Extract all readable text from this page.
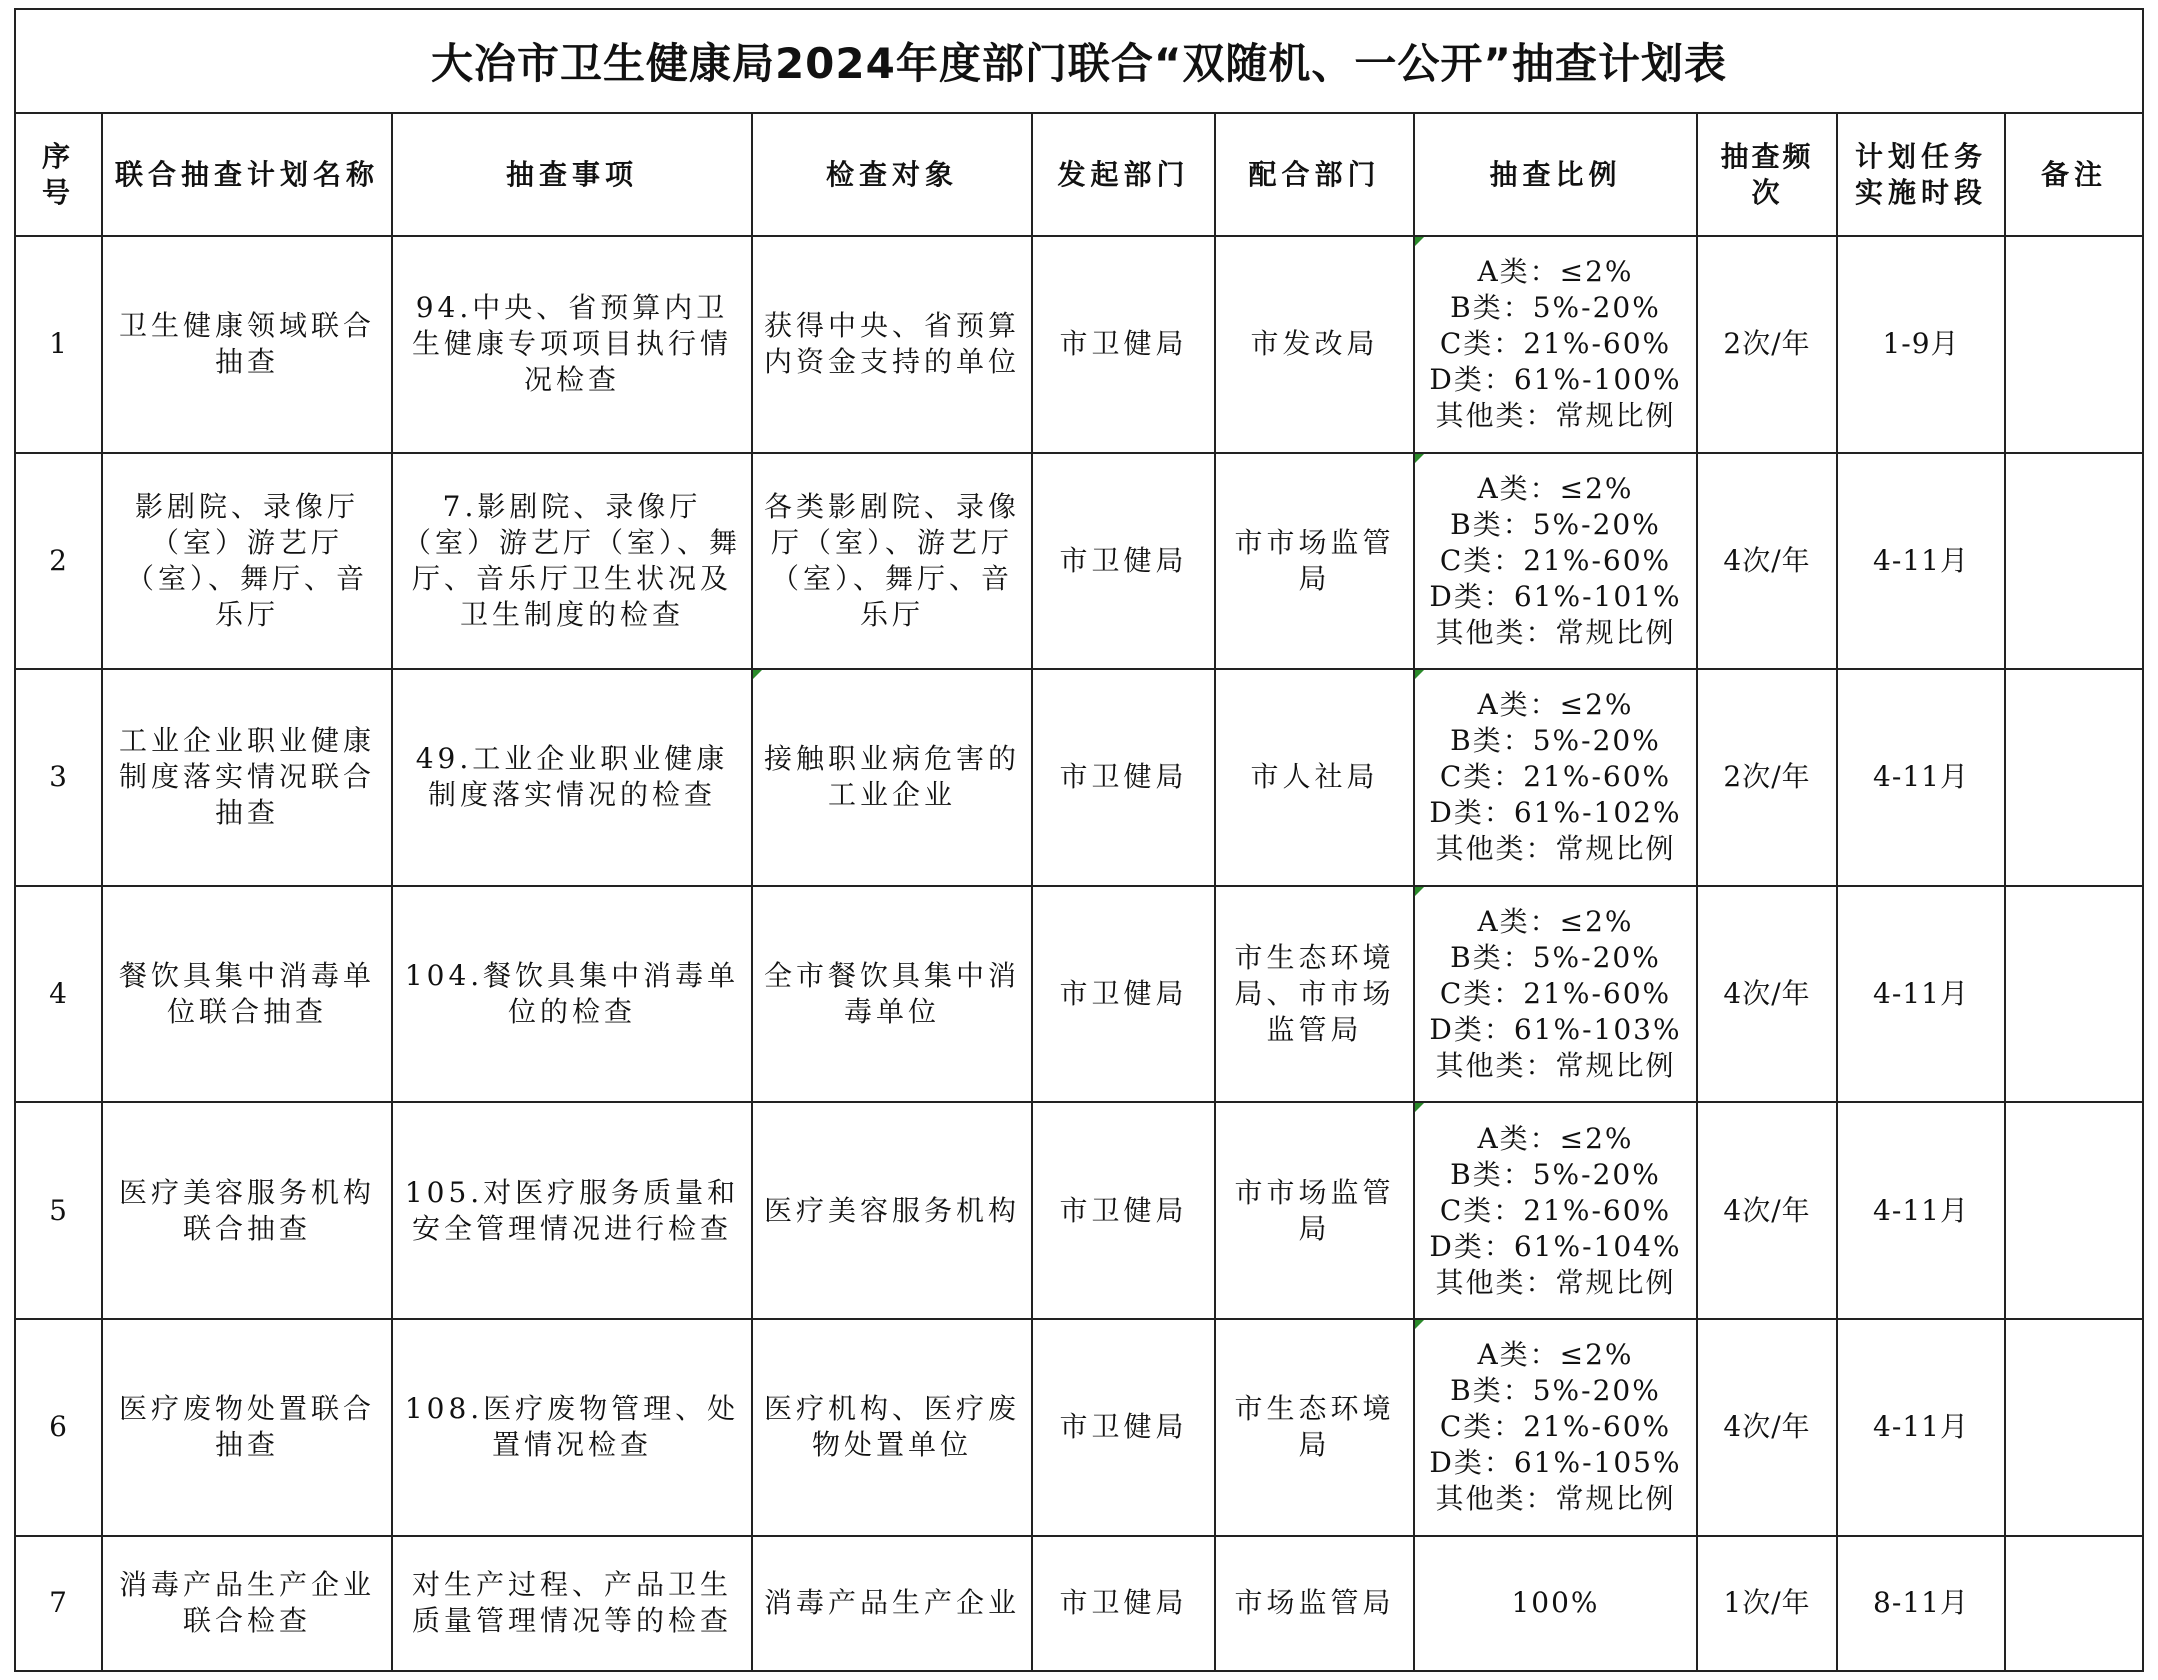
大冶市卫生健康局2024年度部门联合“双随机、一公开”抽查计划表
序号	联合抽查计划名称	抽查事项	检查对象	发起部门	配合部门	抽查比例	抽查频次	计划任务
实施时段	备注
1	卫生健康领域联合抽查	94.中央、省预算内卫生健康专项项目执行情况检查	获得中央、省预算内资金支持的单位	市卫健局	市发改局	A类：≤2%
B类：5%-20%
C类：21%-60%
D类：61%-100%
其他类：常规比例	2次/年	1-9月	
2	影剧院、录像厅（室）游艺厅（室）、舞厅、音乐厅	7.影剧院、录像厅（室）游艺厅（室）、舞厅、音乐厅卫生状况及卫生制度的检查	各类影剧院、录像厅（室）、游艺厅（室）、舞厅、音乐厅	市卫健局	市市场监管局	A类：≤2%
B类：5%-20%
C类：21%-60%
D类：61%-101%
其他类：常规比例	4次/年	4-11月	
3	工业企业职业健康制度落实情况联合抽查	49.工业企业职业健康制度落实情况的检查	接触职业病危害的工业企业	市卫健局	市人社局	A类：≤2%
B类：5%-20%
C类：21%-60%
D类：61%-102%
其他类：常规比例	2次/年	4-11月	
4	餐饮具集中消毒单位联合抽查	104.餐饮具集中消毒单位的检查	全市餐饮具集中消毒单位	市卫健局	市生态环境局、市市场监管局	A类：≤2%
B类：5%-20%
C类：21%-60%
D类：61%-103%
其他类：常规比例	4次/年	4-11月	
5	医疗美容服务机构联合抽查	105.对医疗服务质量和安全管理情况进行检查	医疗美容服务机构	市卫健局	市市场监管局	A类：≤2%
B类：5%-20%
C类：21%-60%
D类：61%-104%
其他类：常规比例	4次/年	4-11月	
6	医疗废物处置联合抽查	108.医疗废物管理、处置情况检查	医疗机构、医疗废物处置单位	市卫健局	市生态环境局	A类：≤2%
B类：5%-20%
C类：21%-60%
D类：61%-105%
其他类：常规比例	4次/年	4-11月	
7	消毒产品生产企业联合检查	对生产过程、产品卫生质量管理情况等的检查	消毒产品生产企业	市卫健局	市场监管局	100%	1次/年	8-11月	
